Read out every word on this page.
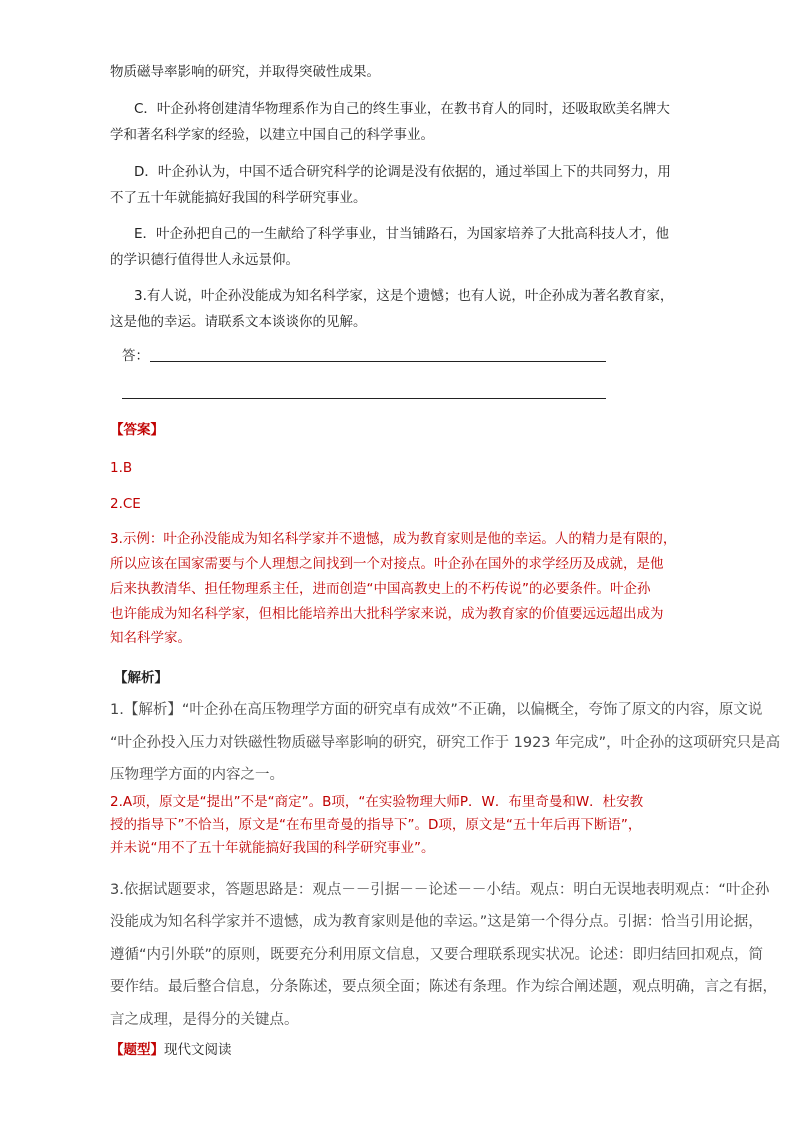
物质磁导率影响的研究，并取得突破性成果。
C．叶企孙将创建清华物理系作为自己的终生事业，在教书育人的同时，还吸取欧美名牌大
学和著名科学家的经验，以建立中国自己的科学事业。
D．叶企孙认为，中国不适合研究科学的论调是没有依据的，通过举国上下的共同努力，用
不了五十年就能搞好我国的科学研究事业。
E．叶企孙把自己的一生献给了科学事业，甘当铺路石，为国家培养了大批高科技人才，他
的学识德行值得世人永远景仰。
3.有人说，叶企孙没能成为知名科学家，这是个遗憾；也有人说，叶企孙成为著名教育家，
这是他的幸运。请联系文本谈谈你的见解。
答：
【答案】
1.B
2.CE
3.示例：叶企孙没能成为知名科学家并不遗憾，成为教育家则是他的幸运。人的精力是有限的，
所以应该在国家需要与个人理想之间找到一个对接点。叶企孙在国外的求学经历及成就，是他
后来执教清华、担任物理系主任，进而创造“中国高教史上的不朽传说”的必要条件。叶企孙
也许能成为知名科学家，但相比能培养出大批科学家来说，成为教育家的价值要远远超出成为
知名科学家。
【解析】
1.【解析】“叶企孙在高压物理学方面的研究卓有成效”不正确，以偏概全，夸饰了原文的内容，原文说
“叶企孙投入压力对铁磁性物质磁导率影响的研究，研究工作于 1923 年完成”，叶企孙的这项研究只是高
压物理学方面的内容之一。
2.A项，原文是“提出”不是“商定”。B项，“在实验物理大师P．W．布里奇曼和W．杜安教
授的指导下”不恰当，原文是“在布里奇曼的指导下”。D项，原文是“五十年后再下断语”，
并未说“用不了五十年就能搞好我国的科学研究事业”。
3.依据试题要求，答题思路是：观点－－引据－－论述－－小结。观点：明白无误地表明观点：“叶企孙
没能成为知名科学家并不遗憾，成为教育家则是他的幸运。”这是第一个得分点。引据：恰当引用论据，
遵循“内引外联”的原则，既要充分利用原文信息，又要合理联系现实状况。论述：即归结回扣观点，简
要作结。最后整合信息，分条陈述，要点须全面；陈述有条理。作为综合阐述题，观点明确，言之有据，
言之成理，是得分的关键点。
【题型】现代文阅读
